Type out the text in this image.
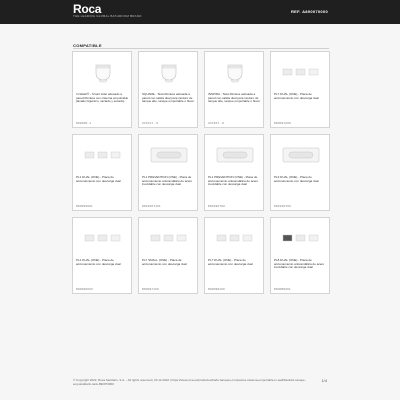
Roca
THE LEADING GLOBAL BATHROOM BRAND
REF. A890070000
COMPATIBLE
In-Wash® - Smart toilet adosado a pared Rimless con cisterna empotrable (lavado higiénico, vaciado y secado)
893068..1
SQUARE - Taza Rimless adosada a pared con salida dual para inodoro de tanque alto, tanque empotrable o fluxor
347017...0
INSPIRA - Taza Rimless adosada a pared con salida dual para inodoro de tanque alto, tanque empotrable o fluxor
347457...0
PL7 DUAL (ONE) - Placa de accionamiento con descarga dual
890097009
PL1 DUAL (ONE) - Placa de accionamiento con descarga dual
890099001
PL1 PREVENTION (ONE) - Placa de accionamiento antivandálica de acero inoxidable con descarga dual
890196T101
PL1 PREVENTION (ONE) - Placa de accionamiento antivandálica de acero inoxidable con descarga dual
890196T00
PL3 DUAL (ONE) - Placa de accionamiento con descarga dual
890196T00
PL1 DUAL (ONE) - Placa de accionamiento con descarga dual
890096003
PL7 SMALL (ONE) - Placa de accionamiento con descarga dual
890097100
PL7 DUAL (ONE) - Placa de accionamiento con descarga dual
890098100
PL8 DUAL (ONE) - Placa de accionamiento antivandálica de acero inoxidable con descarga dual
890089001
© Copyright 2022, Roca Sanitario, S.A. - All rights reserved | 20.12.2022 | https://www.roca.es/productos/baño-tanques-compactos-sistema-empotrable-in-wall/bastidor-tanque-empotrable/in-tank-890070000
1/4
